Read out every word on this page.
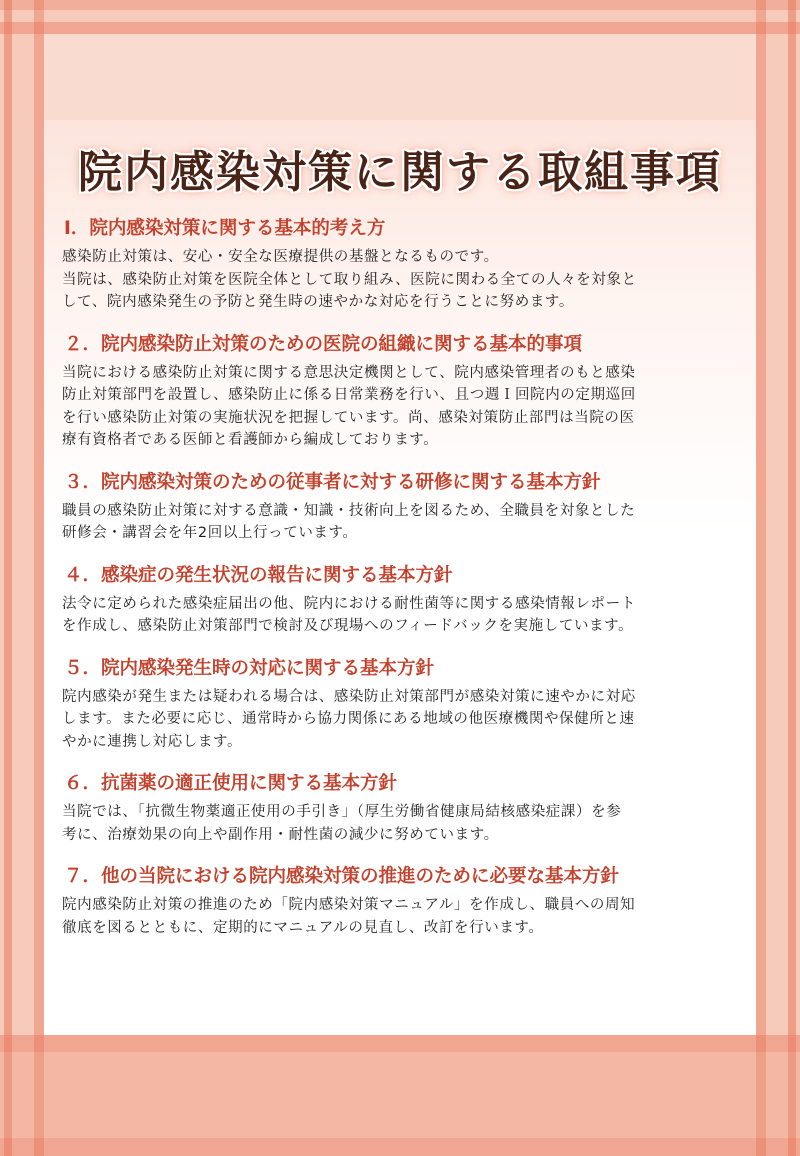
院内感染対策に関する取組事項
Ⅰ．院内感染対策に関する基本的考え方
感染防止対策は、安心・安全な医療提供の基盤となるものです。
当院は、感染防止対策を医院全体として取り組み、医院に関わる全ての人々を対象と
して、院内感染発生の予防と発生時の速やかな対応を行うことに努めます。
２．院内感染防止対策のための医院の組織に関する基本的事項
当院における感染防止対策に関する意思決定機関として、院内感染管理者のもと感染
防止対策部門を設置し、感染防止に係る日常業務を行い、且つ週Ｉ回院内の定期巡回
を行い感染防止対策の実施状況を把握しています。尚、感染対策防止部門は当院の医
療有資格者である医師と看護師から編成しております。
３．院内感染対策のための従事者に対する研修に関する基本方針
職員の感染防止対策に対する意識・知識・技術向上を図るため、全職員を対象とした
研修会・講習会を年2回以上行っています。
４．感染症の発生状況の報告に関する基本方針
法令に定められた感染症届出の他、院内における耐性菌等に関する感染情報レポート
を作成し、感染防止対策部門で検討及び現場へのフィードバックを実施しています。
５．院内感染発生時の対応に関する基本方針
院内感染が発生または疑われる場合は、感染防止対策部門が感染対策に速やかに対応
します。また必要に応じ、通常時から協力関係にある地域の他医療機関や保健所と速
やかに連携し対応します。
６．抗菌薬の適正使用に関する基本方針
当院では、「抗微生物薬適正使用の手引き」（厚生労働省健康局結核感染症課）を参
考に、治療効果の向上や副作用・耐性菌の減少に努めています。
７．他の当院における院内感染対策の推進のために必要な基本方針
院内感染防止対策の推進のため「院内感染対策マニュアル」を作成し、職員への周知
徹底を図るとともに、定期的にマニュアルの見直し、改訂を行います。
